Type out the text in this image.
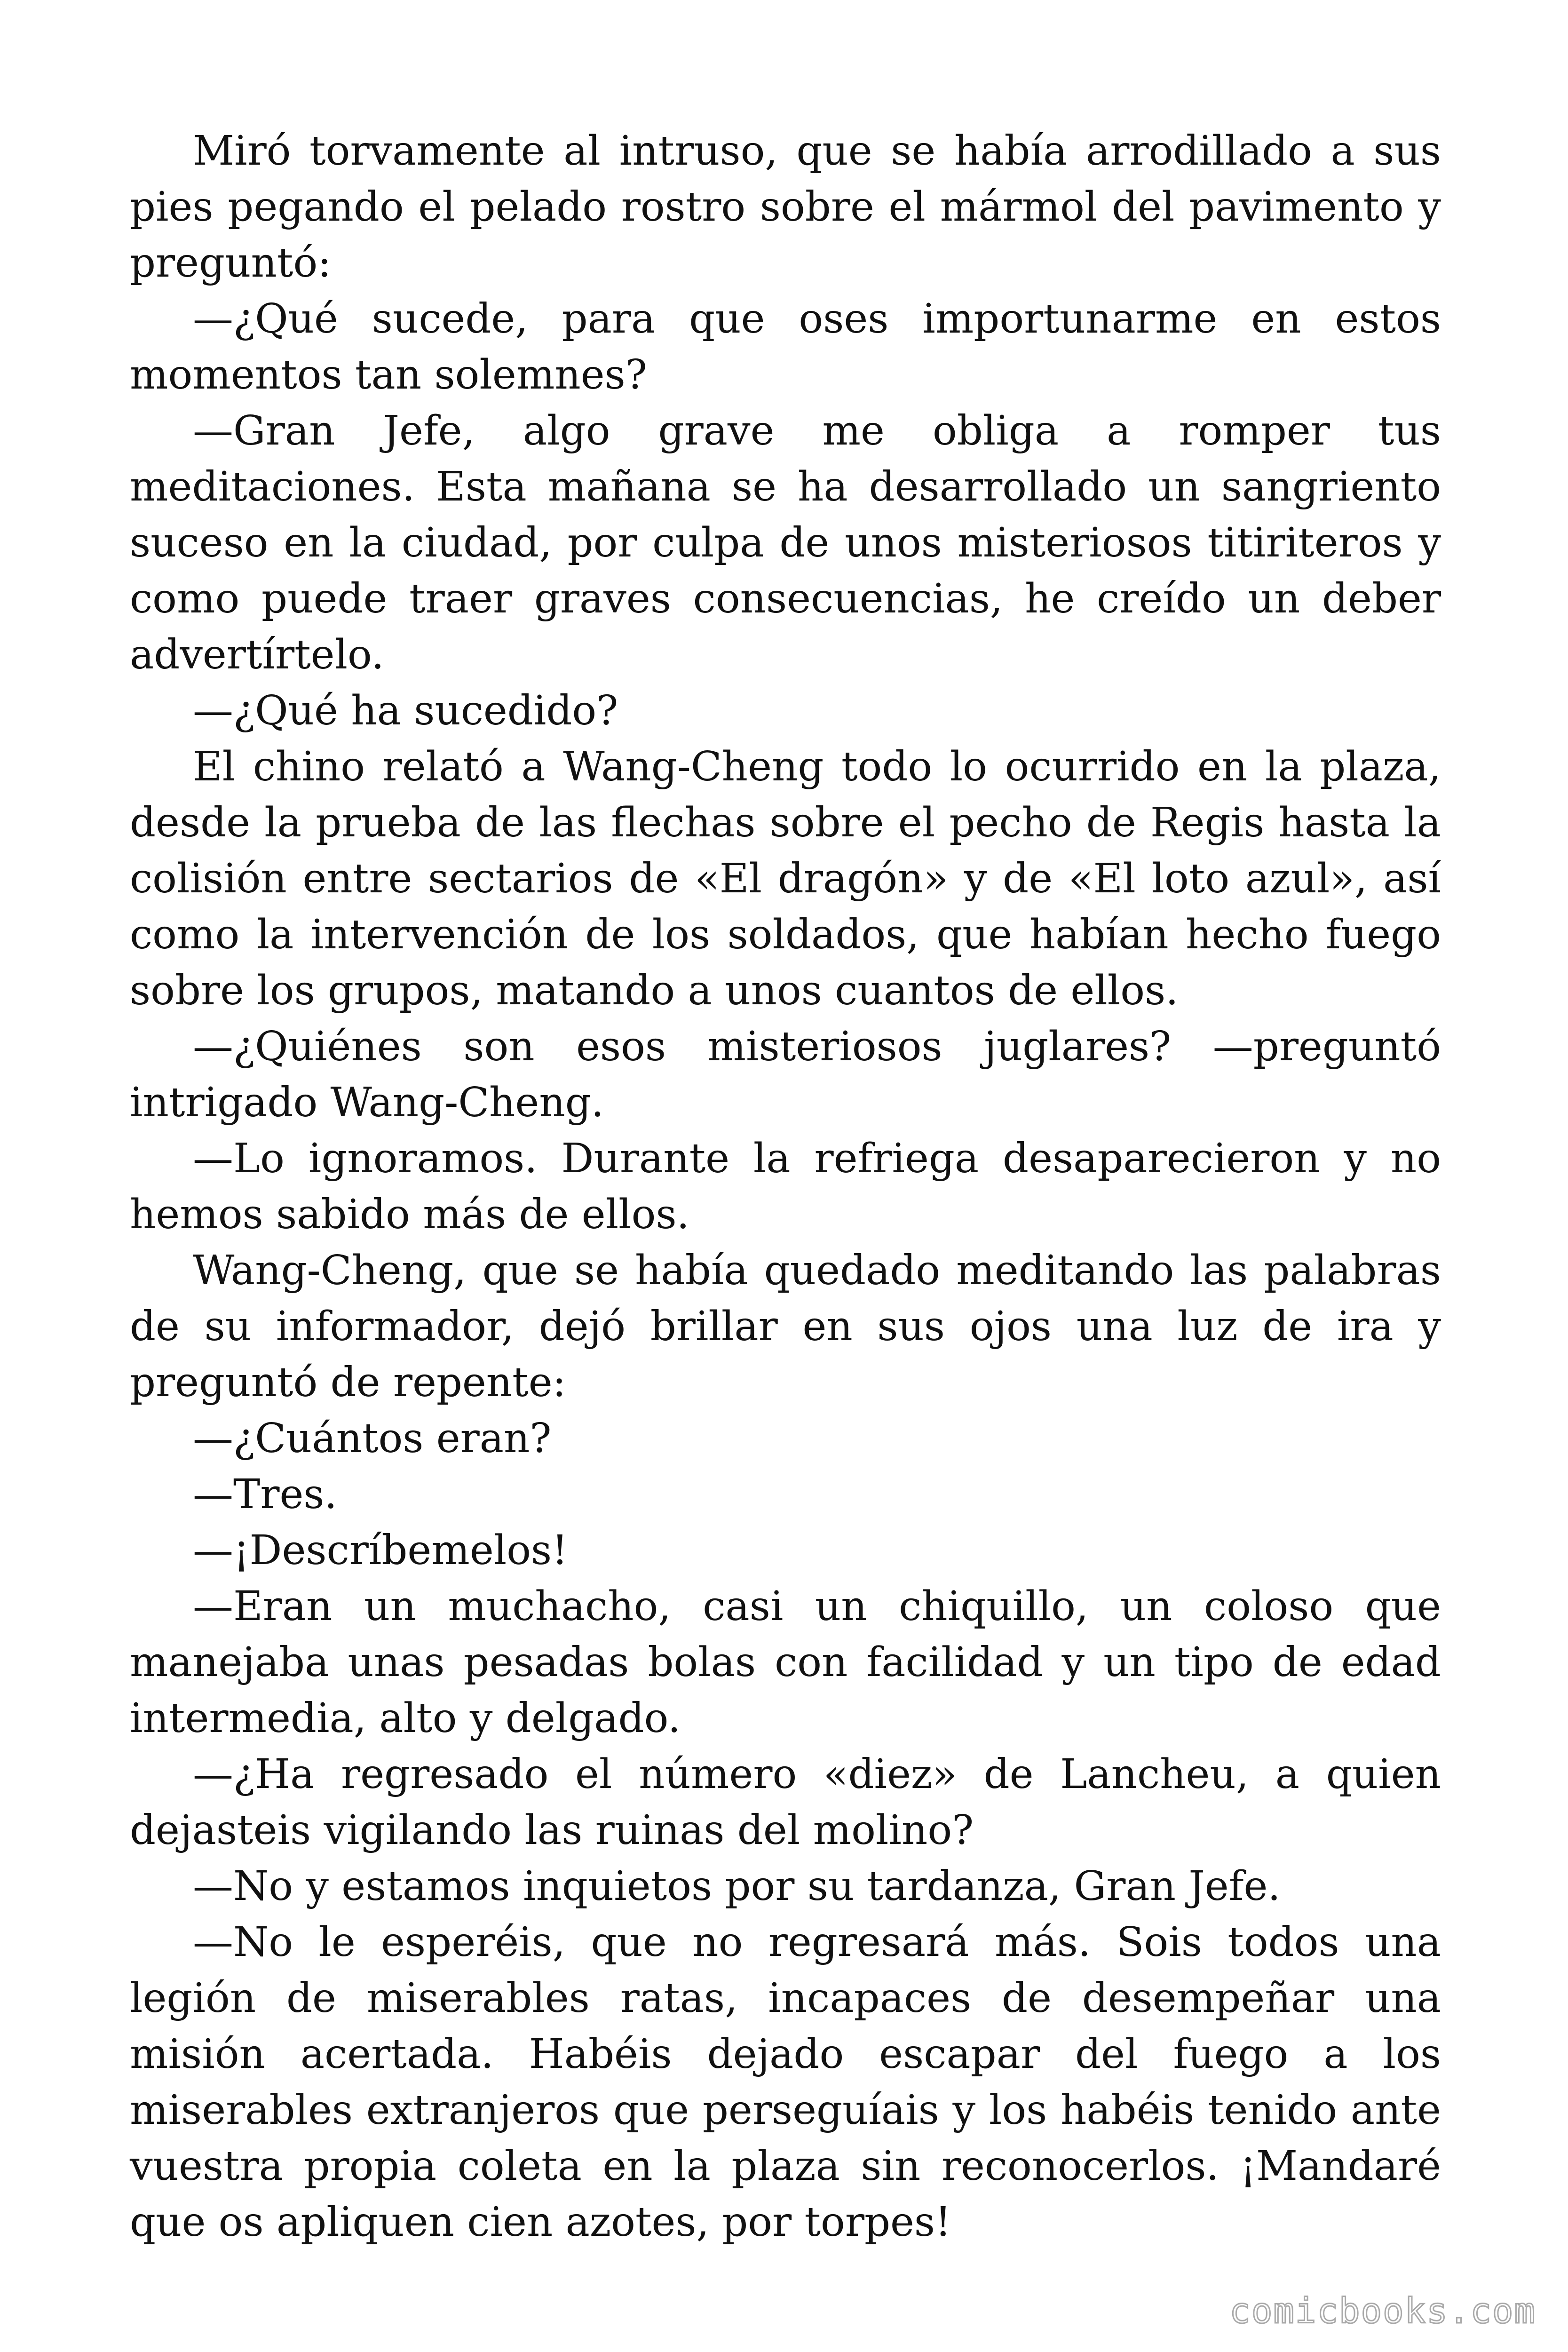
Miró torvamente al intruso, que se había arrodillado a sus pies pegando el pelado rostro sobre el mármol del pavimento y preguntó:

—¿Qué sucede, para que oses importunarme en estos momentos tan solemnes?

—Gran Jefe, algo grave me obliga a romper tus meditaciones. Esta mañana se ha desarrollado un sangriento suceso en la ciudad, por culpa de unos misteriosos titiriteros y como puede traer graves consecuencias, he creído un deber advertírtelo.

—¿Qué ha sucedido?

El chino relató a Wang-Cheng todo lo ocurrido en la plaza, desde la prueba de las flechas sobre el pecho de Regis hasta la colisión entre sectarios de «El dragón» y de «El loto azul», así como la intervención de los soldados, que habían hecho fuego sobre los grupos, matando a unos cuantos de ellos.

—¿Quiénes son esos misteriosos juglares? —preguntó intrigado Wang-Cheng.

—Lo ignoramos. Durante la refriega desaparecieron y no hemos sabido más de ellos.

Wang-Cheng, que se había quedado meditando las palabras de su informador, dejó brillar en sus ojos una luz de ira y preguntó de repente:

—¿Cuántos eran?

—Tres.

—¡Descríbemelos!

—Eran un muchacho, casi un chiquillo, un coloso que manejaba unas pesadas bolas con facilidad y un tipo de edad intermedia, alto y delgado.

—¿Ha regresado el número «diez» de Lancheu, a quien dejasteis vigilando las ruinas del molino?

—No y estamos inquietos por su tardanza, Gran Jefe.

—No le esperéis, que no regresará más. Sois todos una legión de miserables ratas, incapaces de desempeñar una misión acertada. Habéis dejado escapar del fuego a los miserables extranjeros que perseguíais y los habéis tenido ante vuestra propia coleta en la plaza sin reconocerlos. ¡Mandaré que os apliquen cien azotes, por torpes!

comicbooks.com
